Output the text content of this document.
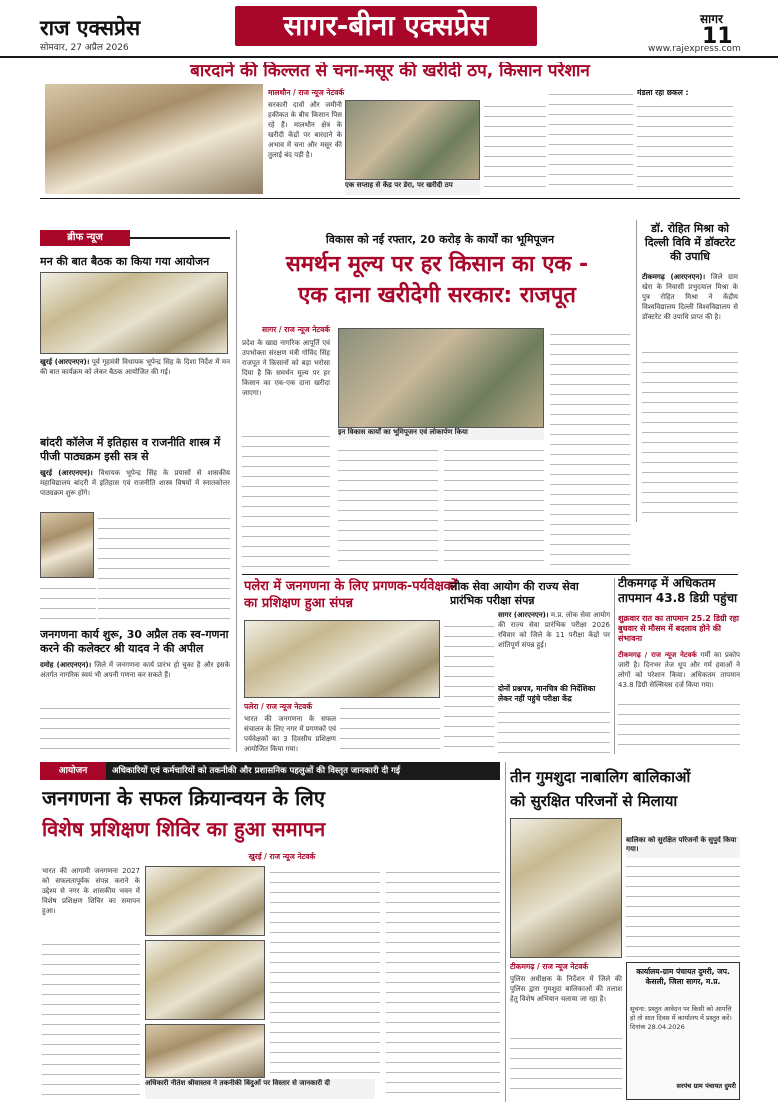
राज एक्सप्रेस
सोमवार, 27 अप्रैल 2026
सागर-बीना एक्सप्रेस	सागर
11
www.rajexpress.com
बारदाने की किल्लत से चना-मसूर की खरीदी ठप, किसान परेशान
मालथौन / राज न्यूज नेटवर्क
सरकारी दावों और जमीनी हकीकत के बीच किसान पिस रहे हैं। मालथौन क्षेत्र के खरीदी केंद्रों पर बारदाने के अभाव में चना और मसूर की तुलाई बंद पड़ी है।
एक सप्ताह से केंद्र पर डेरा, पर खरीदी ठप
मंडला रहा छकल :
ब्रीफ न्यूज
मन की बात बैठक का किया गया आयोजन
खुरई (आरएनएन)। पूर्व गृहमंत्री विधायक भूपेन्द्र सिंह के दिशा निर्देश में मन की बात कार्यक्रम को लेकर बैठक आयोजित की गई।
बांदरी कॉलेज में इतिहास व राजनीति शास्त्र में पीजी पाठ्यक्रम इसी सत्र से
खुरई (आरएनएन)। विधायक भूपेन्द्र सिंह के प्रयासों से शासकीय महाविद्यालय बांदरी में इतिहास एवं राजनीति शास्त्र विषयों में स्नातकोत्तर पाठ्यक्रम शुरू होंगे।
जनगणना कार्य शुरू, 30 अप्रैल तक स्व-गणना करने की कलेक्टर श्री यादव ने की अपील
दमोह (आरएनएन)। जिले में जनगणना कार्य प्रारंभ हो चुका है और इसके अंतर्गत नागरिक स्वयं भी अपनी गणना कर सकते हैं।
विकास को नई रफ्तार, 20 करोड़ के कार्यों का भूमिपूजन
समर्थन मूल्य पर हर किसान का एक -
एक दाना खरीदेगी सरकार: राजपूत
सागर / राज न्यूज नेटवर्क
प्रदेश के खाद्य नागरिक आपूर्ति एवं उपभोक्ता संरक्षण मंत्री गोविंद सिंह राजपूत ने किसानों को बड़ा भरोसा दिया है कि समर्थन मूल्य पर हर किसान का एक-एक दाना खरीदा जाएगा।
इन विकास कार्यों का भूमिपूजन एवं लोकार्पण किया
डॉ. रोहित मिश्रा को दिल्ली विवि में डॉक्टरेट की उपाधि
टीकमगढ़ (आरएनएन)। जिले ग्राम खेरा के निवासी प्रभुदयाल मिश्रा के पुत्र रोहित मिश्रा ने केंद्रीय विश्वविद्यालय दिल्ली विश्वविद्यालय से डॉक्टरेट की उपाधि प्राप्त की है।
पलेरा में जनगणना के लिए प्रगणक-पर्यवेक्षकों का प्रशिक्षण हुआ संपन्न
पलेरा / राज न्यूज नेटवर्क
भारत की जनगणना के सफल संचालन के लिए नगर में प्रगणकों एवं पर्यवेक्षकों का 3 दिवसीय प्रशिक्षण आयोजित किया गया।
लोक सेवा आयोग की राज्य सेवा प्रारंभिक परीक्षा संपन्न
सागर (आरएनएन)। म.प्र. लोक सेवा आयोग की राज्य सेवा प्रारंभिक परीक्षा 2026 रविवार को जिले के 11 परीक्षा केंद्रों पर शांतिपूर्ण संपन्न हुई।
दोनों प्रश्नपत्र, मानचित्र की निर्देशिका लेकर नहीं पहुंचे परीक्षा केंद्र
टीकमगढ़ में अधिकतम तापमान 43.8 डिग्री पहुंचा
शुक्रवार रात का तापमान 25.2 डिग्री रहा बुधवार से मौसम में बदलाव होने की संभावना
टीकमगढ़ / राज न्यूज नेटवर्क गर्मी का प्रकोप जारी है। दिनभर तेज धूप और गर्म हवाओं ने लोगों को परेशान किया। अधिकतम तापमान 43.8 डिग्री सेल्सियस दर्ज किया गया।
आयोजन	अधिकारियों एवं कर्मचारियों को तकनीकी और प्रशासनिक पहलुओं की विस्तृत जानकारी दी गई
जनगणना के सफल क्रियान्वयन के लिए
विशेष प्रशिक्षण शिविर का हुआ समापन
खुरई / राज न्यूज नेटवर्क
भारत की आगामी जनगणना 2027 को सफलतापूर्वक संपन्न कराने के उद्देश्य से नगर के शासकीय भवन में विशेष प्रशिक्षण शिविर का समापन हुआ।
अधिकारी नीतेश श्रीवास्तव ने तकनीकी बिंदुओं पर विस्तार से जानकारी दी
तीन गुमशुदा नाबालिग बालिकाओं
को सुरक्षित परिजनों से मिलाया
बालिका को सुरक्षित परिजनों के सुपुर्द किया गया।
टीकमगढ़ / राज न्यूज नेटवर्क
पुलिस अधीक्षक के निर्देशन में जिले की पुलिस द्वारा गुमशुदा बालिकाओं की तलाश हेतु विशेष अभियान चलाया जा रहा है।
कार्यालय-ग्राम पंचायत दुमरी, जप. केसली, जिला सागर, म.प्र.
सूचना: प्रस्तुत आवेदन पर किसी को आपत्ति हो तो सात दिवस में कार्यालय में प्रस्तुत करें। दिनांक 28.04.2026
सरपंच ग्राम पंचायत दुमरी
